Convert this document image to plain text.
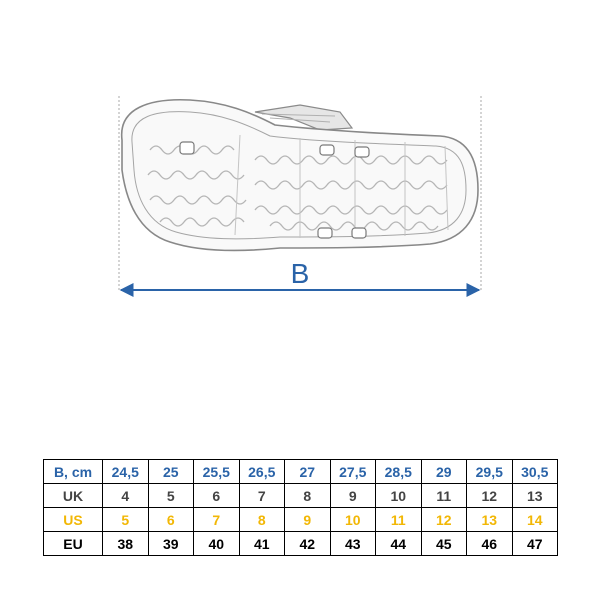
B
B, cm	24,5	25	25,5	26,5	27	27,5	28,5	29	29,5	30,5
UK	4	5	6	7	8	9	10	11	12	13
US	5	6	7	8	9	10	11	12	13	14
EU	38	39	40	41	42	43	44	45	46	47
